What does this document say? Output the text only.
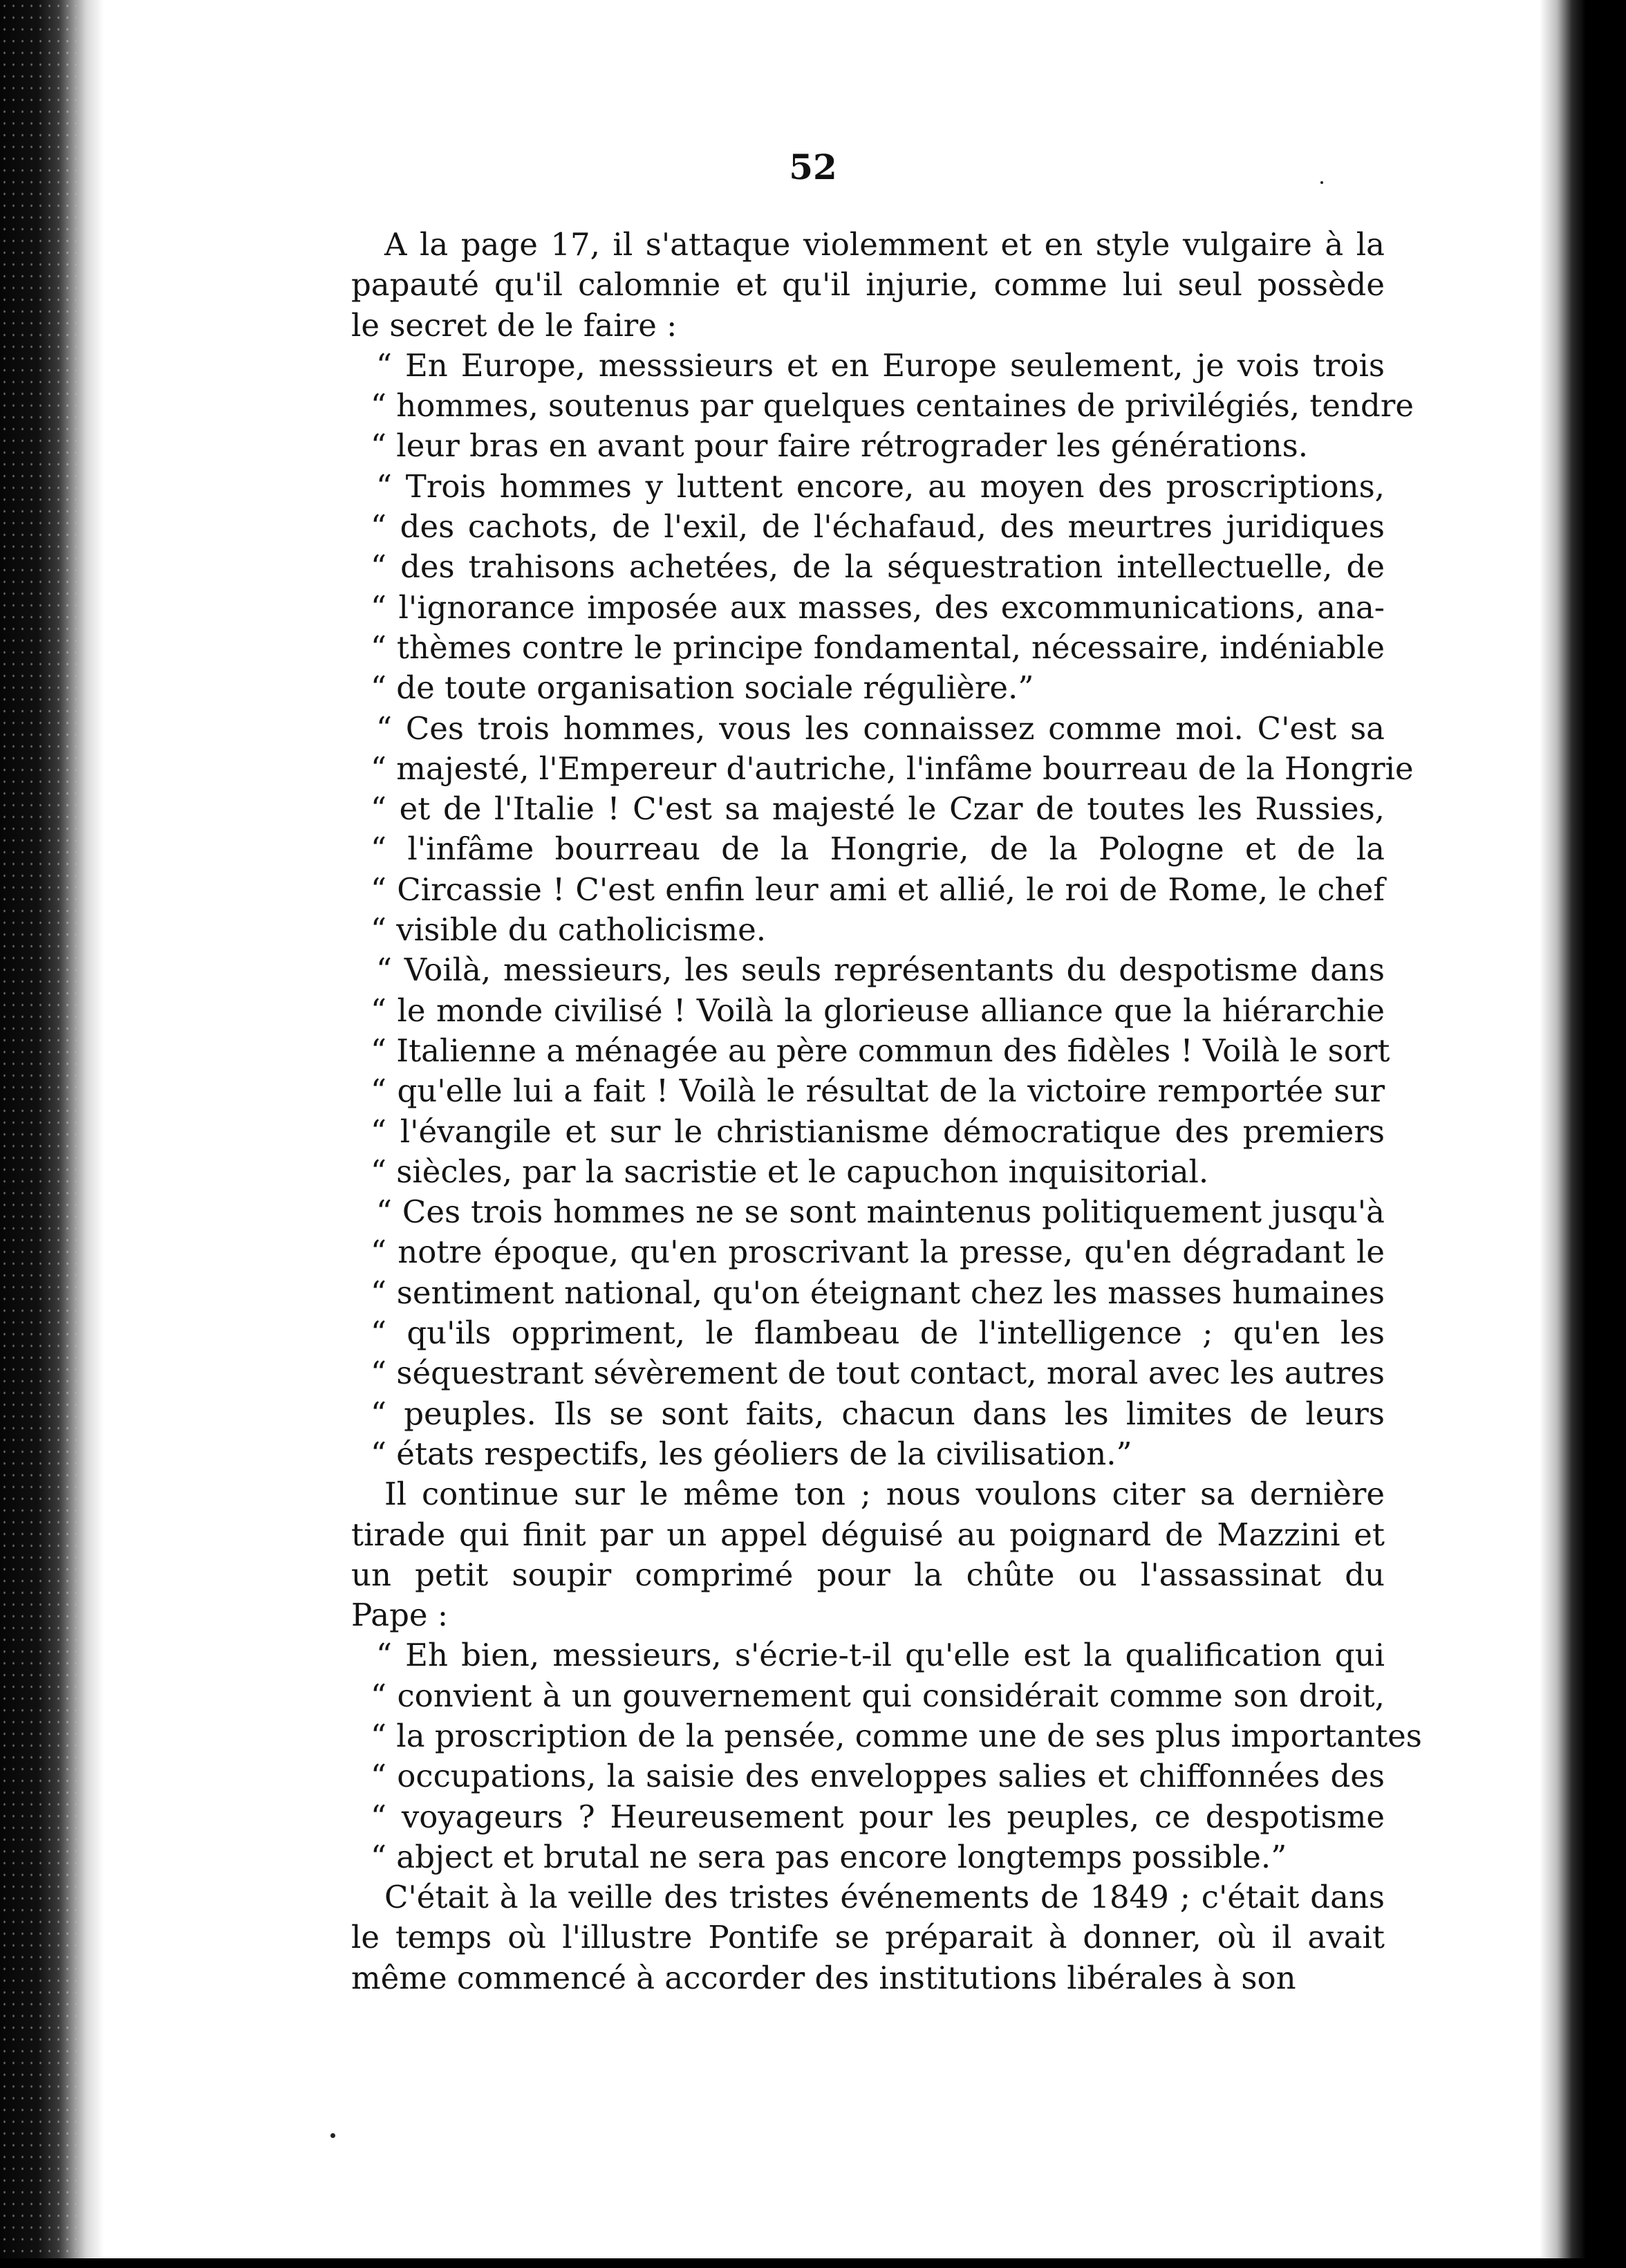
52
A la page 17, il s'attaque violemment et en style vulgaire à la
papauté qu'il calomnie et qu'il injurie, comme lui seul possède
le secret de le faire :
“ En Europe, messsieurs et en Europe seulement, je vois trois
“ hommes, soutenus par quelques centaines de privilégiés, tendre
“ leur bras en avant pour faire rétrograder les générations.
“ Trois hommes y luttent encore, au moyen des proscriptions,
“ des cachots, de l'exil, de l'échafaud, des meurtres juridiques
“ des trahisons achetées, de la séquestration intellectuelle, de
“ l'ignorance imposée aux masses, des excommunications, ana-
“ thèmes contre le principe fondamental, nécessaire, indéniable
“ de toute organisation sociale régulière.”
“ Ces trois hommes, vous les connaissez comme moi. C'est sa
“ majesté, l'Empereur d'autriche, l'infâme bourreau de la Hongrie
“ et de l'Italie ! C'est sa majesté le Czar de toutes les Russies,
“ l'infâme bourreau de la Hongrie, de la Pologne et de la
“ Circassie ! C'est enfin leur ami et allié, le roi de Rome, le chef
“ visible du catholicisme.
“ Voilà, messieurs, les seuls représentants du despotisme dans
“ le monde civilisé ! Voilà la glorieuse alliance que la hiérarchie
“ Italienne a ménagée au père commun des fidèles ! Voilà le sort
“ qu'elle lui a fait ! Voilà le résultat de la victoire remportée sur
“ l'évangile et sur le christianisme démocratique des premiers
“ siècles, par la sacristie et le capuchon inquisitorial.
“ Ces trois hommes ne se sont maintenus politiquement jusqu'à
“ notre époque, qu'en proscrivant la presse, qu'en dégradant le
“ sentiment national, qu'on éteignant chez les masses humaines
“ qu'ils oppriment, le flambeau de l'intelligence ; qu'en les
“ séquestrant sévèrement de tout contact, moral avec les autres
“ peuples. Ils se sont faits, chacun dans les limites de leurs
“ états respectifs, les géoliers de la civilisation.”
Il continue sur le même ton ; nous voulons citer sa dernière
tirade qui finit par un appel déguisé au poignard de Mazzini et
un petit soupir comprimé pour la chûte ou l'assassinat du
Pape :
“ Eh bien, messieurs, s'écrie-t-il qu'elle est la qualification qui
“ convient à un gouvernement qui considérait comme son droit,
“ la proscription de la pensée, comme une de ses plus importantes
“ occupations, la saisie des enveloppes salies et chiffonnées des
“ voyageurs ? Heureusement pour les peuples, ce despotisme
“ abject et brutal ne sera pas encore longtemps possible.”
C'était à la veille des tristes événements de 1849 ; c'était dans
le temps où l'illustre Pontife se préparait à donner, où il avait
même commencé à accorder des institutions libérales à son
